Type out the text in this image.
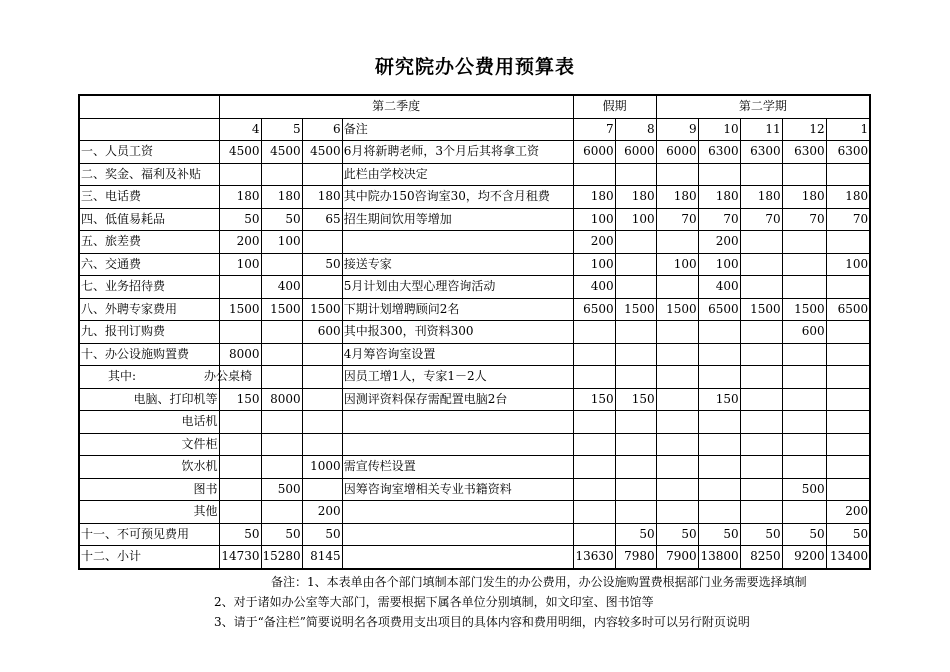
研究院办公费用预算表
	第二季度				假期		第二学期				
	4	5	6	备注	7	8	9	10	11	12	1
一、人员工资	4500	4500	4500	6月将新聘老师，3个月后其将拿工资	6000	6000	6000	6300	6300	6300	6300
二、奖金、福利及补贴				此栏由学校决定							
三、电话费	180	180	180	其中院办150咨询室30，均不含月租费	180	180	180	180	180	180	180
四、低值易耗品	50	50	65	招生期间饮用等增加	100	100	70	70	70	70	70
五、旅差费	200	100			200			200			
六、交通费	100		50	接送专家	100		100	100			100
七、业务招待费		400		5月计划由大型心理咨询活动	400			400			
八、外聘专家费用	1500	1500	1500	下期计划增聘顾问2名	6500	1500	1500	6500	1500	1500	6500
九、报刊订购费			600	其中报300，刊资料300						600	
十、办公设施购置费	8000			4月筹咨询室设置							
其中: 办公桌椅				因员工增1人，专家1－2人							
电脑、打印机等	150	8000		因测评资料保存需配置电脑2台	150	150		150			
电话机											
文件柜											
饮水机			1000	需宣传栏设置							
图书		500		因筹咨询室增相关专业书籍资料						500	
其他			200								200
十一、不可预见费用	50	50	50			50	50	50	50	50	50
十二、小计	14730	15280	8145		13630	7980	7900	13800	8250	9200	13400
备注：1、本表单由各个部门填制本部门发生的办公费用，办公设施购置费根据部门业务需要选择填制
2、对于诸如办公室等大部门，需要根据下属各单位分别填制，如文印室、图书馆等
3、请于“备注栏”简要说明名各项费用支出项目的具体内容和费用明细，内容较多时可以另行附页说明
